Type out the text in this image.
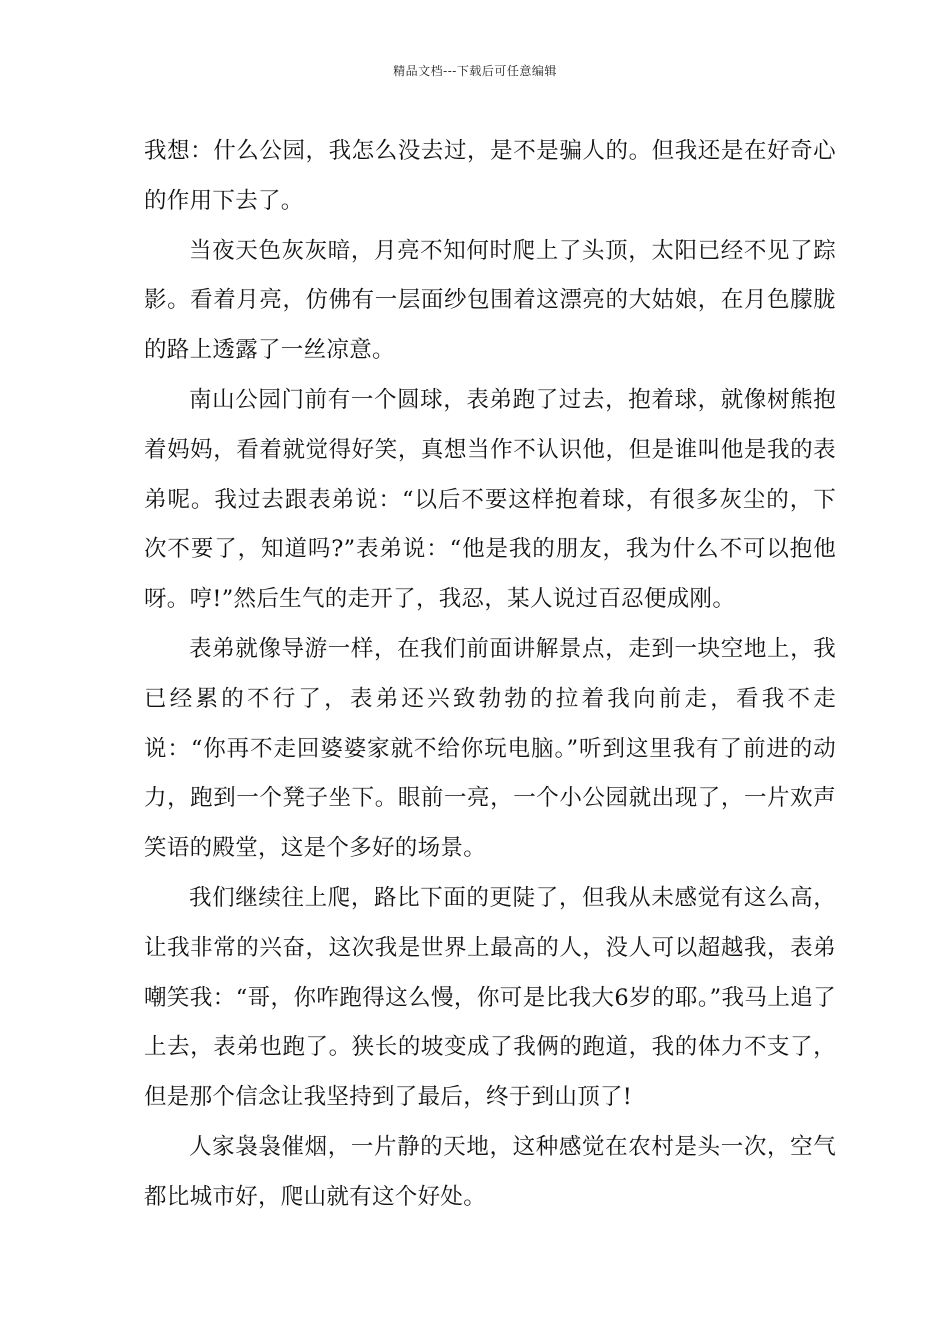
精品文档---下载后可任意编辑

我想：什么公园，我怎么没去过，是不是骗人的。但我还是在好奇心的作用下去了。

当夜天色灰灰暗，月亮不知何时爬上了头顶，太阳已经不见了踪影。看着月亮，仿佛有一层面纱包围着这漂亮的大姑娘，在月色朦胧的路上透露了一丝凉意。

南山公园门前有一个圆球，表弟跑了过去，抱着球，就像树熊抱着妈妈，看着就觉得好笑，真想当作不认识他，但是谁叫他是我的表弟呢。我过去跟表弟说：“以后不要这样抱着球，有很多灰尘的，下次不要了，知道吗?”表弟说：“他是我的朋友，我为什么不可以抱他呀。哼!”然后生气的走开了，我忍，某人说过百忍便成刚。

表弟就像导游一样，在我们前面讲解景点，走到一块空地上，我已经累的不行了，表弟还兴致勃勃的拉着我向前走，看我不走说：“你再不走回婆婆家就不给你玩电脑。”听到这里我有了前进的动力，跑到一个凳子坐下。眼前一亮，一个小公园就出现了，一片欢声笑语的殿堂，这是个多好的场景。

我们继续往上爬，路比下面的更陡了，但我从未感觉有这么高，让我非常的兴奋，这次我是世界上最高的人，没人可以超越我，表弟嘲笑我：“哥，你咋跑得这么慢，你可是比我大6岁的耶。”我马上追了上去，表弟也跑了。狭长的坡变成了我俩的跑道，我的体力不支了，但是那个信念让我坚持到了最后，终于到山顶了!

人家袅袅催烟，一片静的天地，这种感觉在农村是头一次，空气都比城市好，爬山就有这个好处。
